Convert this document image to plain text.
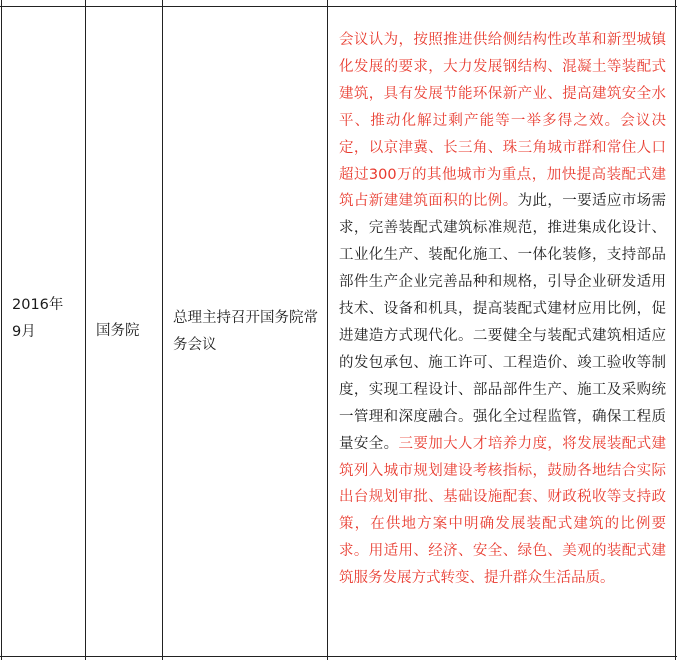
2016年9月	国务院
总理主持召开国务院常务会议
会议认为，按照推进供给侧结构性改革和新型城镇化发展的要求，大力发展钢结构、混凝土等装配式建筑，具有发展节能环保新产业、提高建筑安全水平、推动化解过剩产能等一举多得之效。会议决定，以京津冀、长三角、珠三角城市群和常住人口超过300万的其他城市为重点，加快提高装配式建筑占新建建筑面积的比例。为此，一要适应市场需求，完善装配式建筑标准规范，推进集成化设计、工业化生产、装配化施工、一体化装修，支持部品部件生产企业完善品种和规格，引导企业研发适用技术、设备和机具，提高装配式建材应用比例，促进建造方式现代化。二要健全与装配式建筑相适应的发包承包、施工许可、工程造价、竣工验收等制度，实现工程设计、部品部件生产、施工及采购统一管理和深度融合。强化全过程监管，确保工程质量安全。三要加大人才培养力度，将发展装配式建筑列入城市规划建设考核指标，鼓励各地结合实际出台规划审批、基础设施配套、财政税收等支持政策，在供地方案中明确发展装配式建筑的比例要求。用适用、经济、安全、绿色、美观的装配式建筑服务发展方式转变、提升群众生活品质。
